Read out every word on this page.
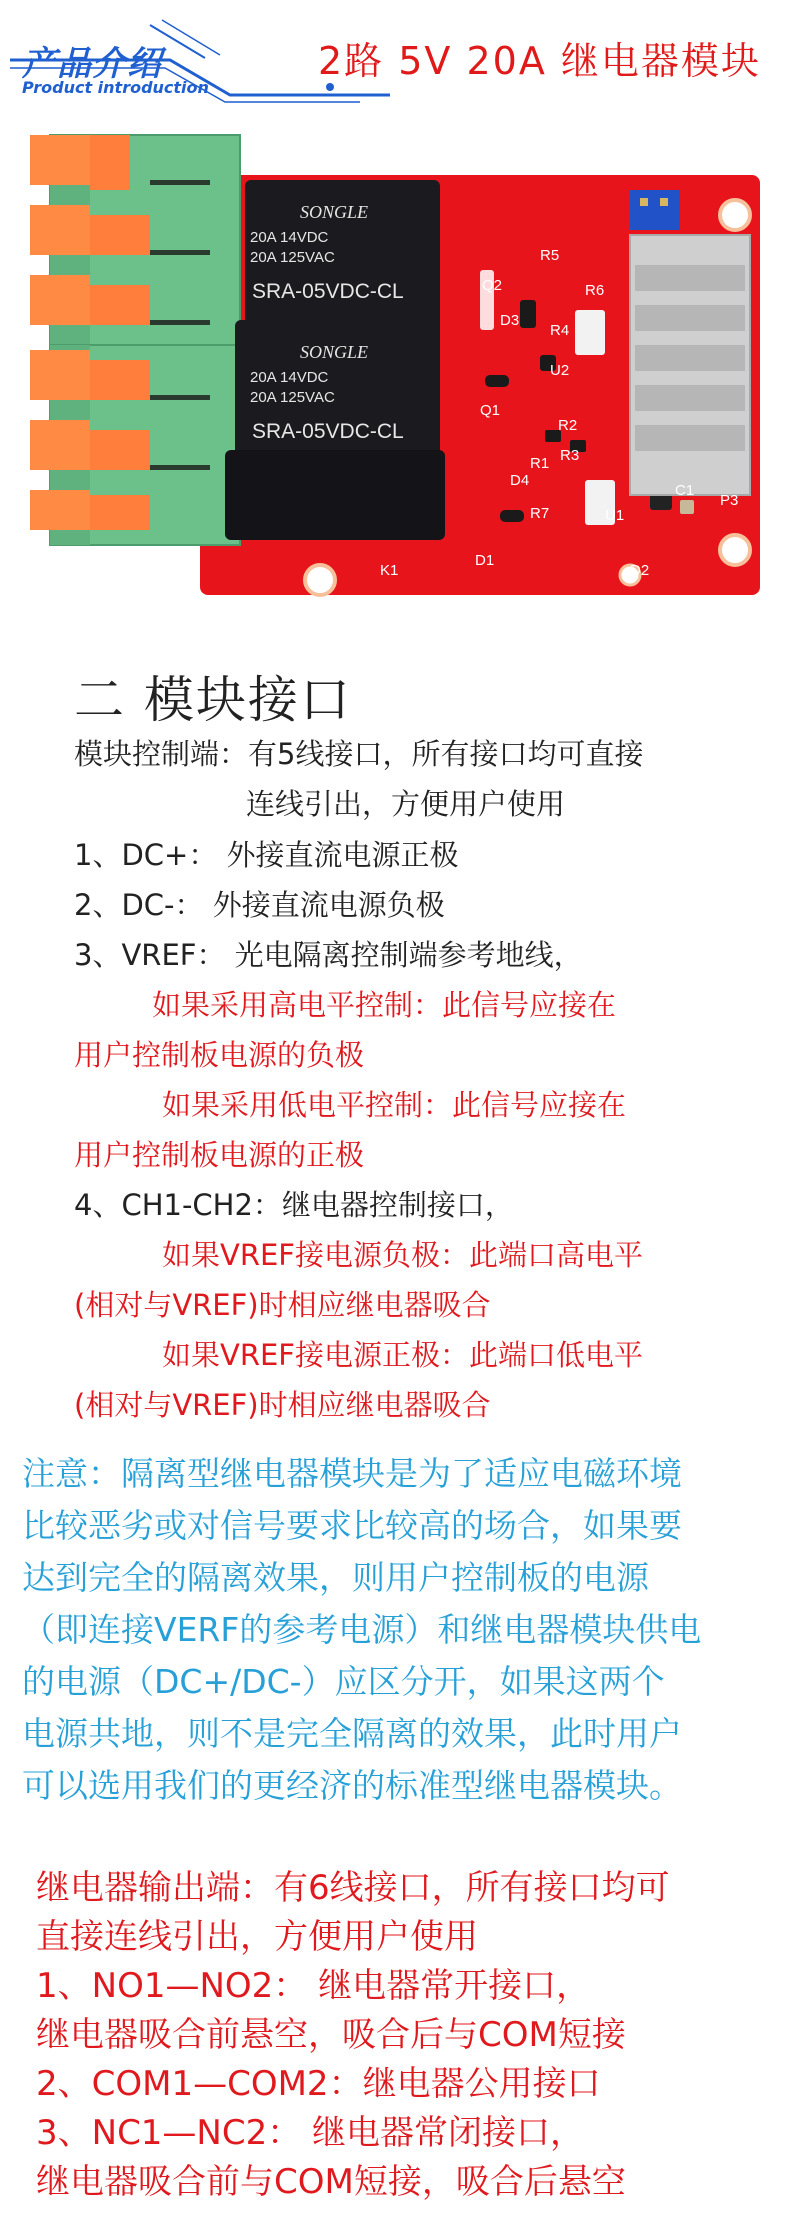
产品介绍
Product introduction
2路 5V 20A 继电器模块
SONGLE
20A 14VDC
20A 125VAC
SRA-05VDC-CL
SONGLE
20A 14VDC
20A 125VAC
SRA-05VDC-CL
K1
D1
D2
D3
D4
Q1
Q2
R1
R2
R3
R4
R5
R6
R7	U1
U2
C1
P3
二 模块接口
模块控制端：有5线接口，所有接口均可直接
连线引出，方便用户使用
1、DC+： 外接直流电源正极
2、DC-： 外接直流电源负极
3、VREF： 光电隔离控制端参考地线，
如果采用高电平控制：此信号应接在
用户控制板电源的负极
如果采用低电平控制：此信号应接在
用户控制板电源的正极
4、CH1-CH2：继电器控制接口，
如果VREF接电源负极：此端口高电平
(相对与VREF)时相应继电器吸合
如果VREF接电源正极：此端口低电平
(相对与VREF)时相应继电器吸合
注意：隔离型继电器模块是为了适应电磁环境
比较恶劣或对信号要求比较高的场合，如果要
达到完全的隔离效果，则用户控制板的电源
（即连接VERF的参考电源）和继电器模块供电
的电源（DC+/DC-）应区分开，如果这两个
电源共地，则不是完全隔离的效果，此时用户
可以选用我们的更经济的标准型继电器模块。
继电器输出端：有6线接口，所有接口均可
直接连线引出，方便用户使用
1、NO1—NO2： 继电器常开接口，
继电器吸合前悬空，吸合后与COM短接
2、COM1—COM2：继电器公用接口
3、NC1—NC2： 继电器常闭接口，
继电器吸合前与COM短接，吸合后悬空
